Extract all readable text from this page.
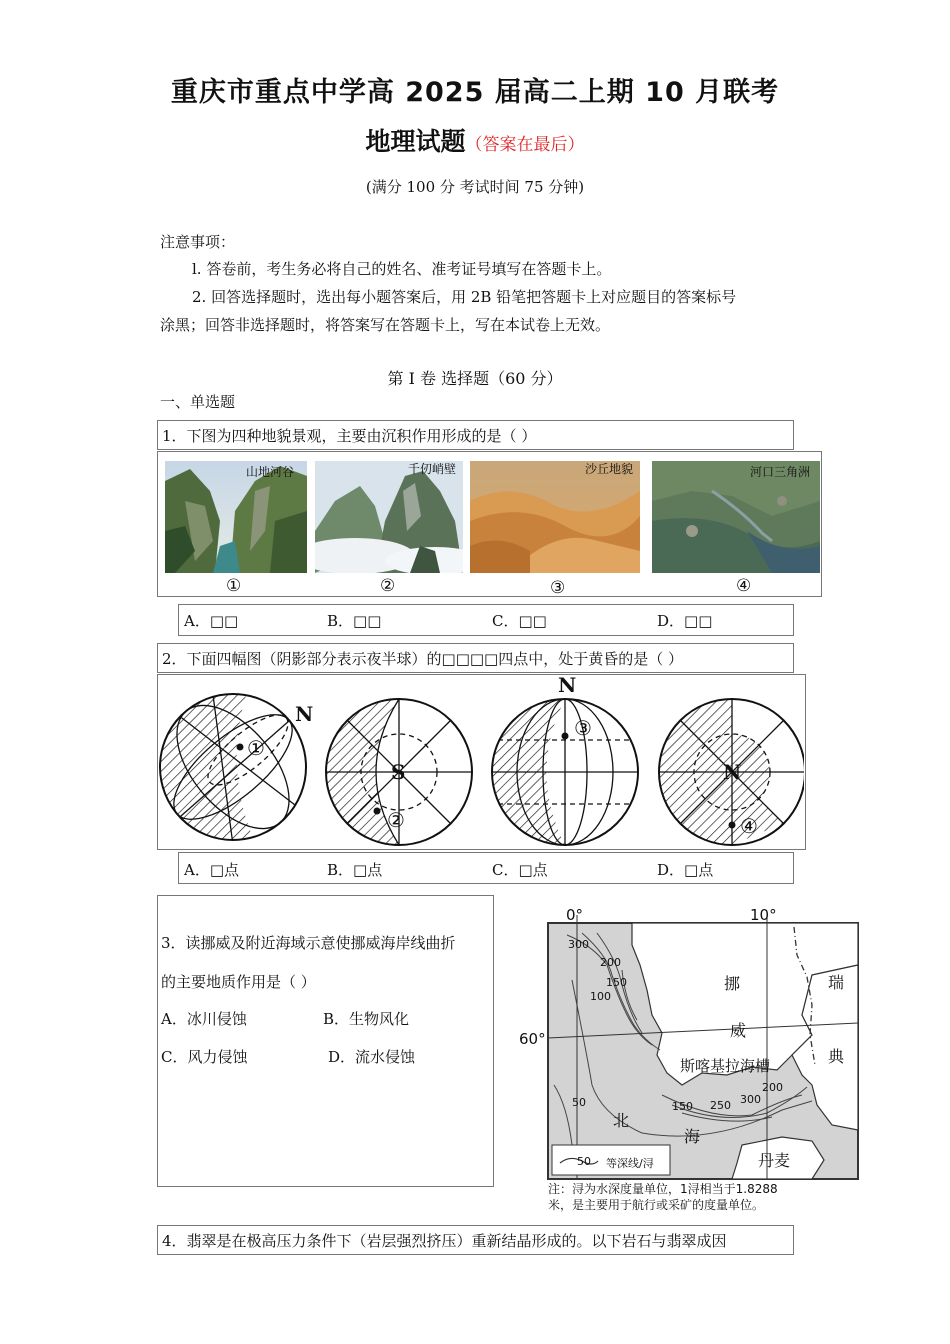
重庆市重点中学高 2025 届高二上期 10 月联考
地理试题（答案在最后）
(满分 100 分 考试时间 75 分钟)
注意事项：
l. 答卷前，考生务必将自己的姓名、准考证号填写在答题卡上。
2. 回答选择题时，选出每小题答案后，用 2B 铅笔把答题卡上对应题目的答案标号
涂黑；回答非选择题时，将答案写在答题卡上，写在本试卷上无效。
第 I 卷 选择题（60 分）
一、单选题
1．下图为四种地貌景观，主要由沉积作用形成的是（ ）
山地河谷	千仞峭壁	沙丘地貌	河口三角洲
①	②	③	④
A．□□	B．□□	C．□□	D．□□
2．下面四幅图（阴影部分表示夜半球）的□□□□四点中，处于黄昏的是（ ）
N
①
S
②
N
③
N
④
A．□点	B．□点	C．□点	D．□点
3．读挪威及附近海域示意使挪威海岸线曲折
的主要地质作用是（ ）
A．冰川侵蚀	B．生物风化
C．风力侵蚀	D．流水侵蚀
0°	10°
60°
挪
威
瑞
典
斯喀基拉海槽
北
海
丹麦
300
200
150
100
50	150 250 300
200
50 等深线/浔
注：浔为水深度量单位，1浔相当于1.8288
米，是主要用于航行或采矿的度量单位。
4．翡翠是在极高压力条件下（岩层强烈挤压）重新结晶形成的。以下岩石与翡翠成因
